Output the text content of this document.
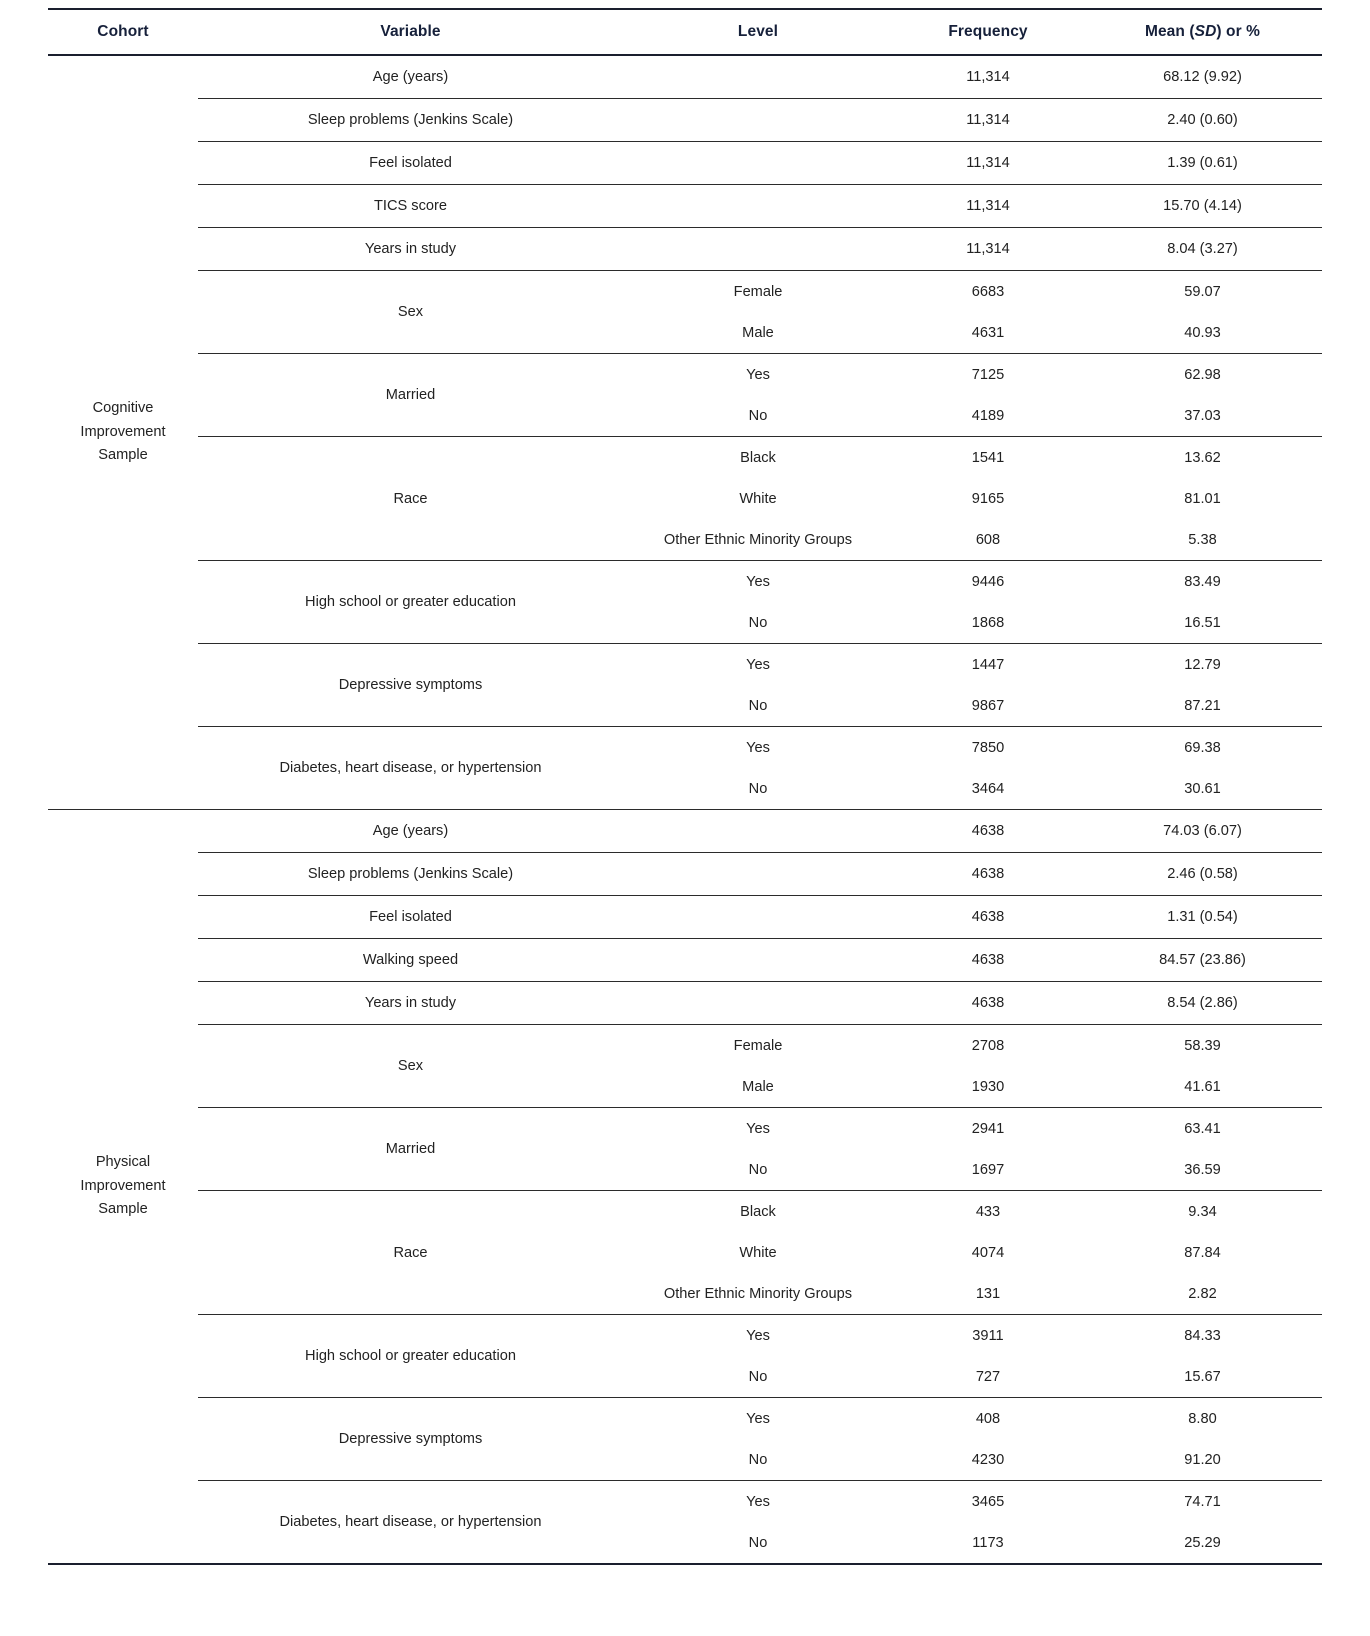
Cohort	Variable	Level	Frequency	Mean (SD) or %
Cognitive
Improvement
Sample	Age (years)		11,314	68.12 (9.92)
	Sleep problems (Jenkins Scale)		11,314	2.40 (0.60)
	Feel isolated		11,314	1.39 (0.61)
	TICS score		11,314	15.70 (4.14)
	Years in study		11,314	8.04 (3.27)
	Sex	Female	6683	59.07
		Male	4631	40.93
	Married	Yes	7125	62.98
		No	4189	37.03
	Race	Black	1541	13.62
		White	9165	81.01
		Other Ethnic Minority Groups	608	5.38
	High school or greater education	Yes	9446	83.49
		No	1868	16.51
	Depressive symptoms	Yes	1447	12.79
		No	9867	87.21
	Diabetes, heart disease, or hypertension	Yes	7850	69.38
		No	3464	30.61
Physical
Improvement
Sample	Age (years)		4638	74.03 (6.07)
	Sleep problems (Jenkins Scale)		4638	2.46 (0.58)
	Feel isolated		4638	1.31 (0.54)
	Walking speed		4638	84.57 (23.86)
	Years in study		4638	8.54 (2.86)
	Sex	Female	2708	58.39
		Male	1930	41.61
	Married	Yes	2941	63.41
		No	1697	36.59
	Race	Black	433	9.34
		White	4074	87.84
		Other Ethnic Minority Groups	131	2.82
	High school or greater education	Yes	3911	84.33
		No	727	15.67
	Depressive symptoms	Yes	408	8.80
		No	4230	91.20
	Diabetes, heart disease, or hypertension	Yes	3465	74.71
		No	1173	25.29
